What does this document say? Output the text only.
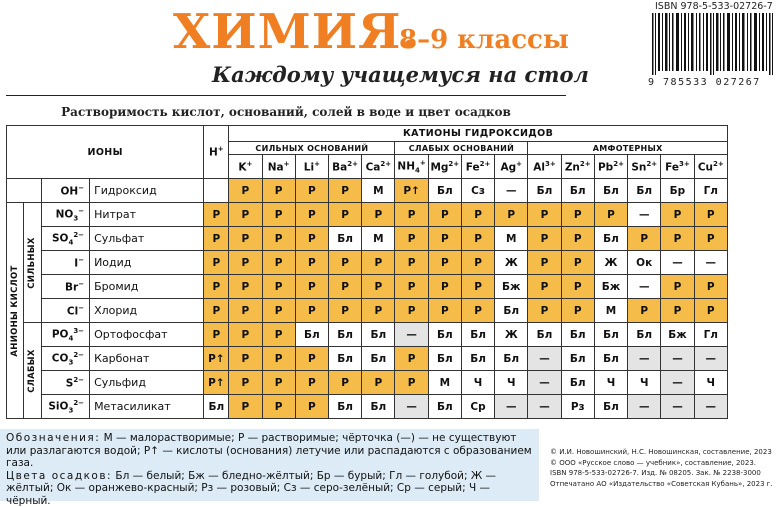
ISBN 978-5-533-02726-7
9 785533 027267
ХИМИЯ.
8–9 классы
Каждому учащемуся на стол
Растворимость кислот, оснований, солей в воде и цвет осадков
ИОНЫ				H+	КАТИОНЫ ГИДРОКСИДОВ														
					СИЛЬНЫХ ОСНОВАНИЙ					СЛАБЫХ ОСНОВАНИЙ				АМФОТЕРНЫХ					
					K+	Na+	Li+	$Ba^{2+}$	$Ca^{2+}$	$NH_4^+$	$Mg^{2+}$	$Fe^{2+}$	Ag+	$Al^{3+}$	$Zn^{2+}$	$Pb^{2+}$	$Sn^{2+}$	$Fe^{3+}$	$Cu^{2+}$
		OH−	Гидроксид		Р	Р	Р	Р	М	Р↑	Бл	Сз	—	Бл	Бл	Бл	Бл	Бр	Гл

АНИОНЫ КИСЛОТ	СИЛЬНЫХ	$NO_3^-$	Нитрат	Р	Р	Р	Р	Р	Р	Р	Р	Р	Р	Р	Р	Р	—	Р	Р
		$SO_4^{2-}$	Сульфат	Р	Р	Р	Р	Бл	М	Р	Р	Р	М	Р	Р	Бл	Р	Р	Р
		I−	Иодид	Р	Р	Р	Р	Р	Р	Р	Р	Р	Ж	Р	Р	Ж	Ок	—	—
		Br−	Бромид	Р	Р	Р	Р	Р	Р	Р	Р	Р	Бж	Р	Р	Бж	—	Р	Р
		Cl−	Хлорид	Р	Р	Р	Р	Р	Р	Р	Р	Р	Бл	Р	Р	М	Р	Р	Р

	СЛАБЫХ	$PO_4^{3-}$	Ортофосфат	Р	Р	Р	Бл	Бл	Бл	—	Бл	Бл	Ж	Бл	Бл	Бл	Бл	Бж	Гл
		$CO_3^{2-}$	Карбонат	Р↑	Р	Р	Р	Бл	Бл	Р	Бл	Бл	Бл	—	Бл	Бл	—	—	—
		$S^{2-}$	Сульфид	Р↑	Р	Р	Р	Р	Р	Р	М	Ч	Ч	—	Бл	Ч	Ч	—	Ч
		SiO$_3^{2-}$	Метасиликат	Бл	Р	Р	Р	Бл	Бл	—	Бл	Ср	—	—	Рз	Бл	—	—	—
Обозначения: М — малорастворимые; Р — растворимые; чёрточка (—) — не существуют или разлагаются водой; Р↑ — кислоты (основания) летучие или распадаются с образованием газа.
Цвета осадков: Бл — белый; Бж — бледно-жёлтый; Бр — бурый; Гл — голубой; Ж — жёлтый; Ок — оранжево-красный; Рз — розовый; Сз — серо-зелёный; Ср — серый; Ч — чёрный.
© И.И. Новошинский, Н.С. Новошинская, составление, 2023
© ООО «Русское слово — учебник», составление, 2023.
ISBN 978-5-533-02726-7. Изд. № 08205. Зак. № 2238-3000
Отпечатано АО «Издательство «Советская Кубань», 2023 г.
